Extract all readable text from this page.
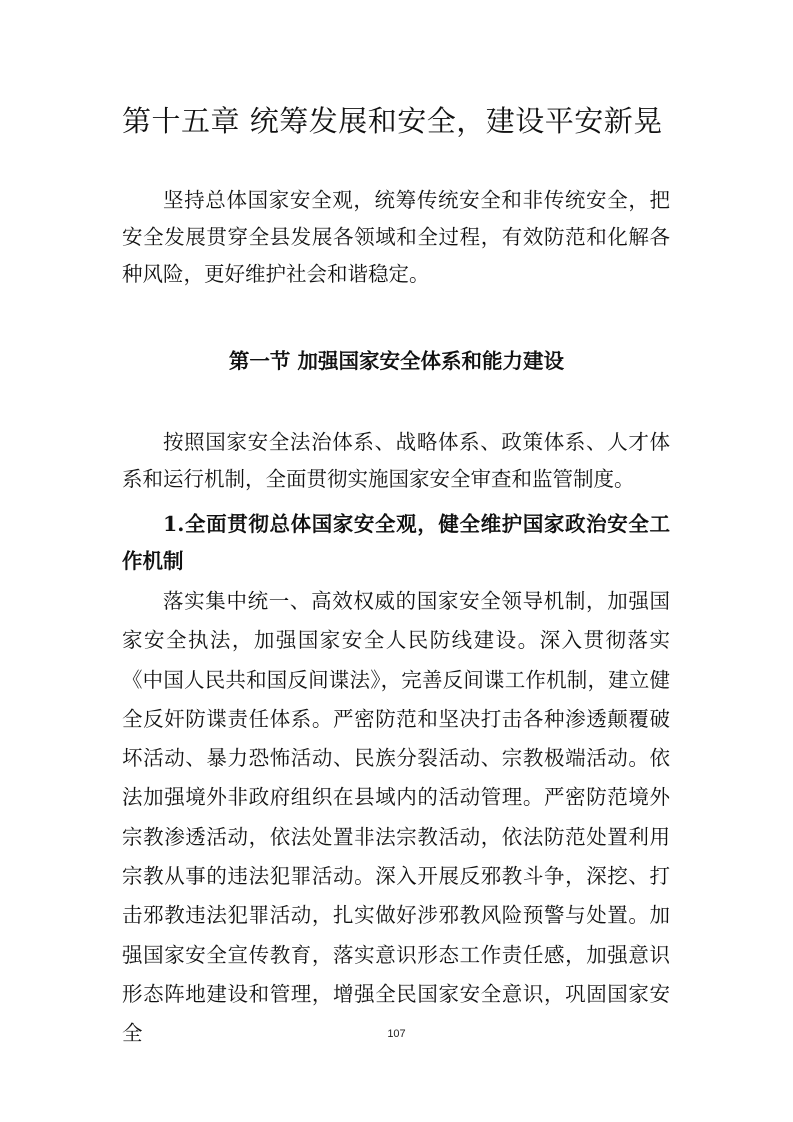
第十五章 统筹发展和安全，建设平安新晃
坚持总体国家安全观，统筹传统安全和非传统安全，把安全发展贯穿全县发展各领域和全过程，有效防范和化解各种风险，更好维护社会和谐稳定。
第一节 加强国家安全体系和能力建设
按照国家安全法治体系、战略体系、政策体系、人才体系和运行机制，全面贯彻实施国家安全审查和监管制度。
1.全面贯彻总体国家安全观，健全维护国家政治安全工作机制
落实集中统一、高效权威的国家安全领导机制，加强国家安全执法，加强国家安全人民防线建设。深入贯彻落实《中国人民共和国反间谍法》，完善反间谍工作机制，建立健全反奸防谍责任体系。严密防范和坚决打击各种渗透颠覆破坏活动、暴力恐怖活动、民族分裂活动、宗教极端活动。依法加强境外非政府组织在县域内的活动管理。严密防范境外宗教渗透活动，依法处置非法宗教活动，依法防范处置利用宗教从事的违法犯罪活动。深入开展反邪教斗争，深挖、打击邪教违法犯罪活动，扎实做好涉邪教风险预警与处置。加强国家安全宣传教育，落实意识形态工作责任感，加强意识形态阵地建设和管理，增强全民国家安全意识，巩固国家安全	107
